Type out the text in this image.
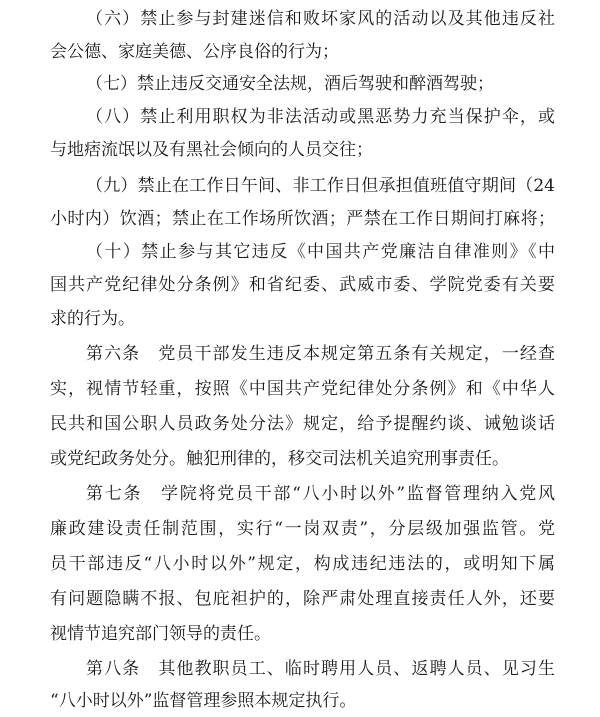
（六）禁止参与封建迷信和败坏家风的活动以及其他违反社
会公德、家庭美德、公序良俗的行为；
（七）禁止违反交通安全法规，酒后驾驶和醉酒驾驶；
（八）禁止利用职权为非法活动或黑恶势力充当保护伞，或
与地痞流氓以及有黑社会倾向的人员交往；
（九）禁止在工作日午间、非工作日但承担值班值守期间（24
小时内）饮酒；禁止在工作场所饮酒；严禁在工作日期间打麻将；
（十）禁止参与其它违反《中国共产党廉洁自律准则》《中
国共产党纪律处分条例》和省纪委、武威市委、学院党委有关要
求的行为。
第六条　党员干部发生违反本规定第五条有关规定，一经查
实，视情节轻重，按照《中国共产党纪律处分条例》和《中华人
民共和国公职人员政务处分法》规定，给予提醒约谈、诫勉谈话
或党纪政务处分。触犯刑律的，移交司法机关追究刑事责任。
第七条　学院将党员干部“八小时以外”监督管理纳入党风
廉政建设责任制范围，实行“一岗双责”，分层级加强监管。党
员干部违反“八小时以外”规定，构成违纪违法的，或明知下属
有问题隐瞒不报、包庇袒护的，除严肃处理直接责任人外，还要
视情节追究部门领导的责任。
第八条　其他教职员工、临时聘用人员、返聘人员、见习生
“八小时以外”监督管理参照本规定执行。
